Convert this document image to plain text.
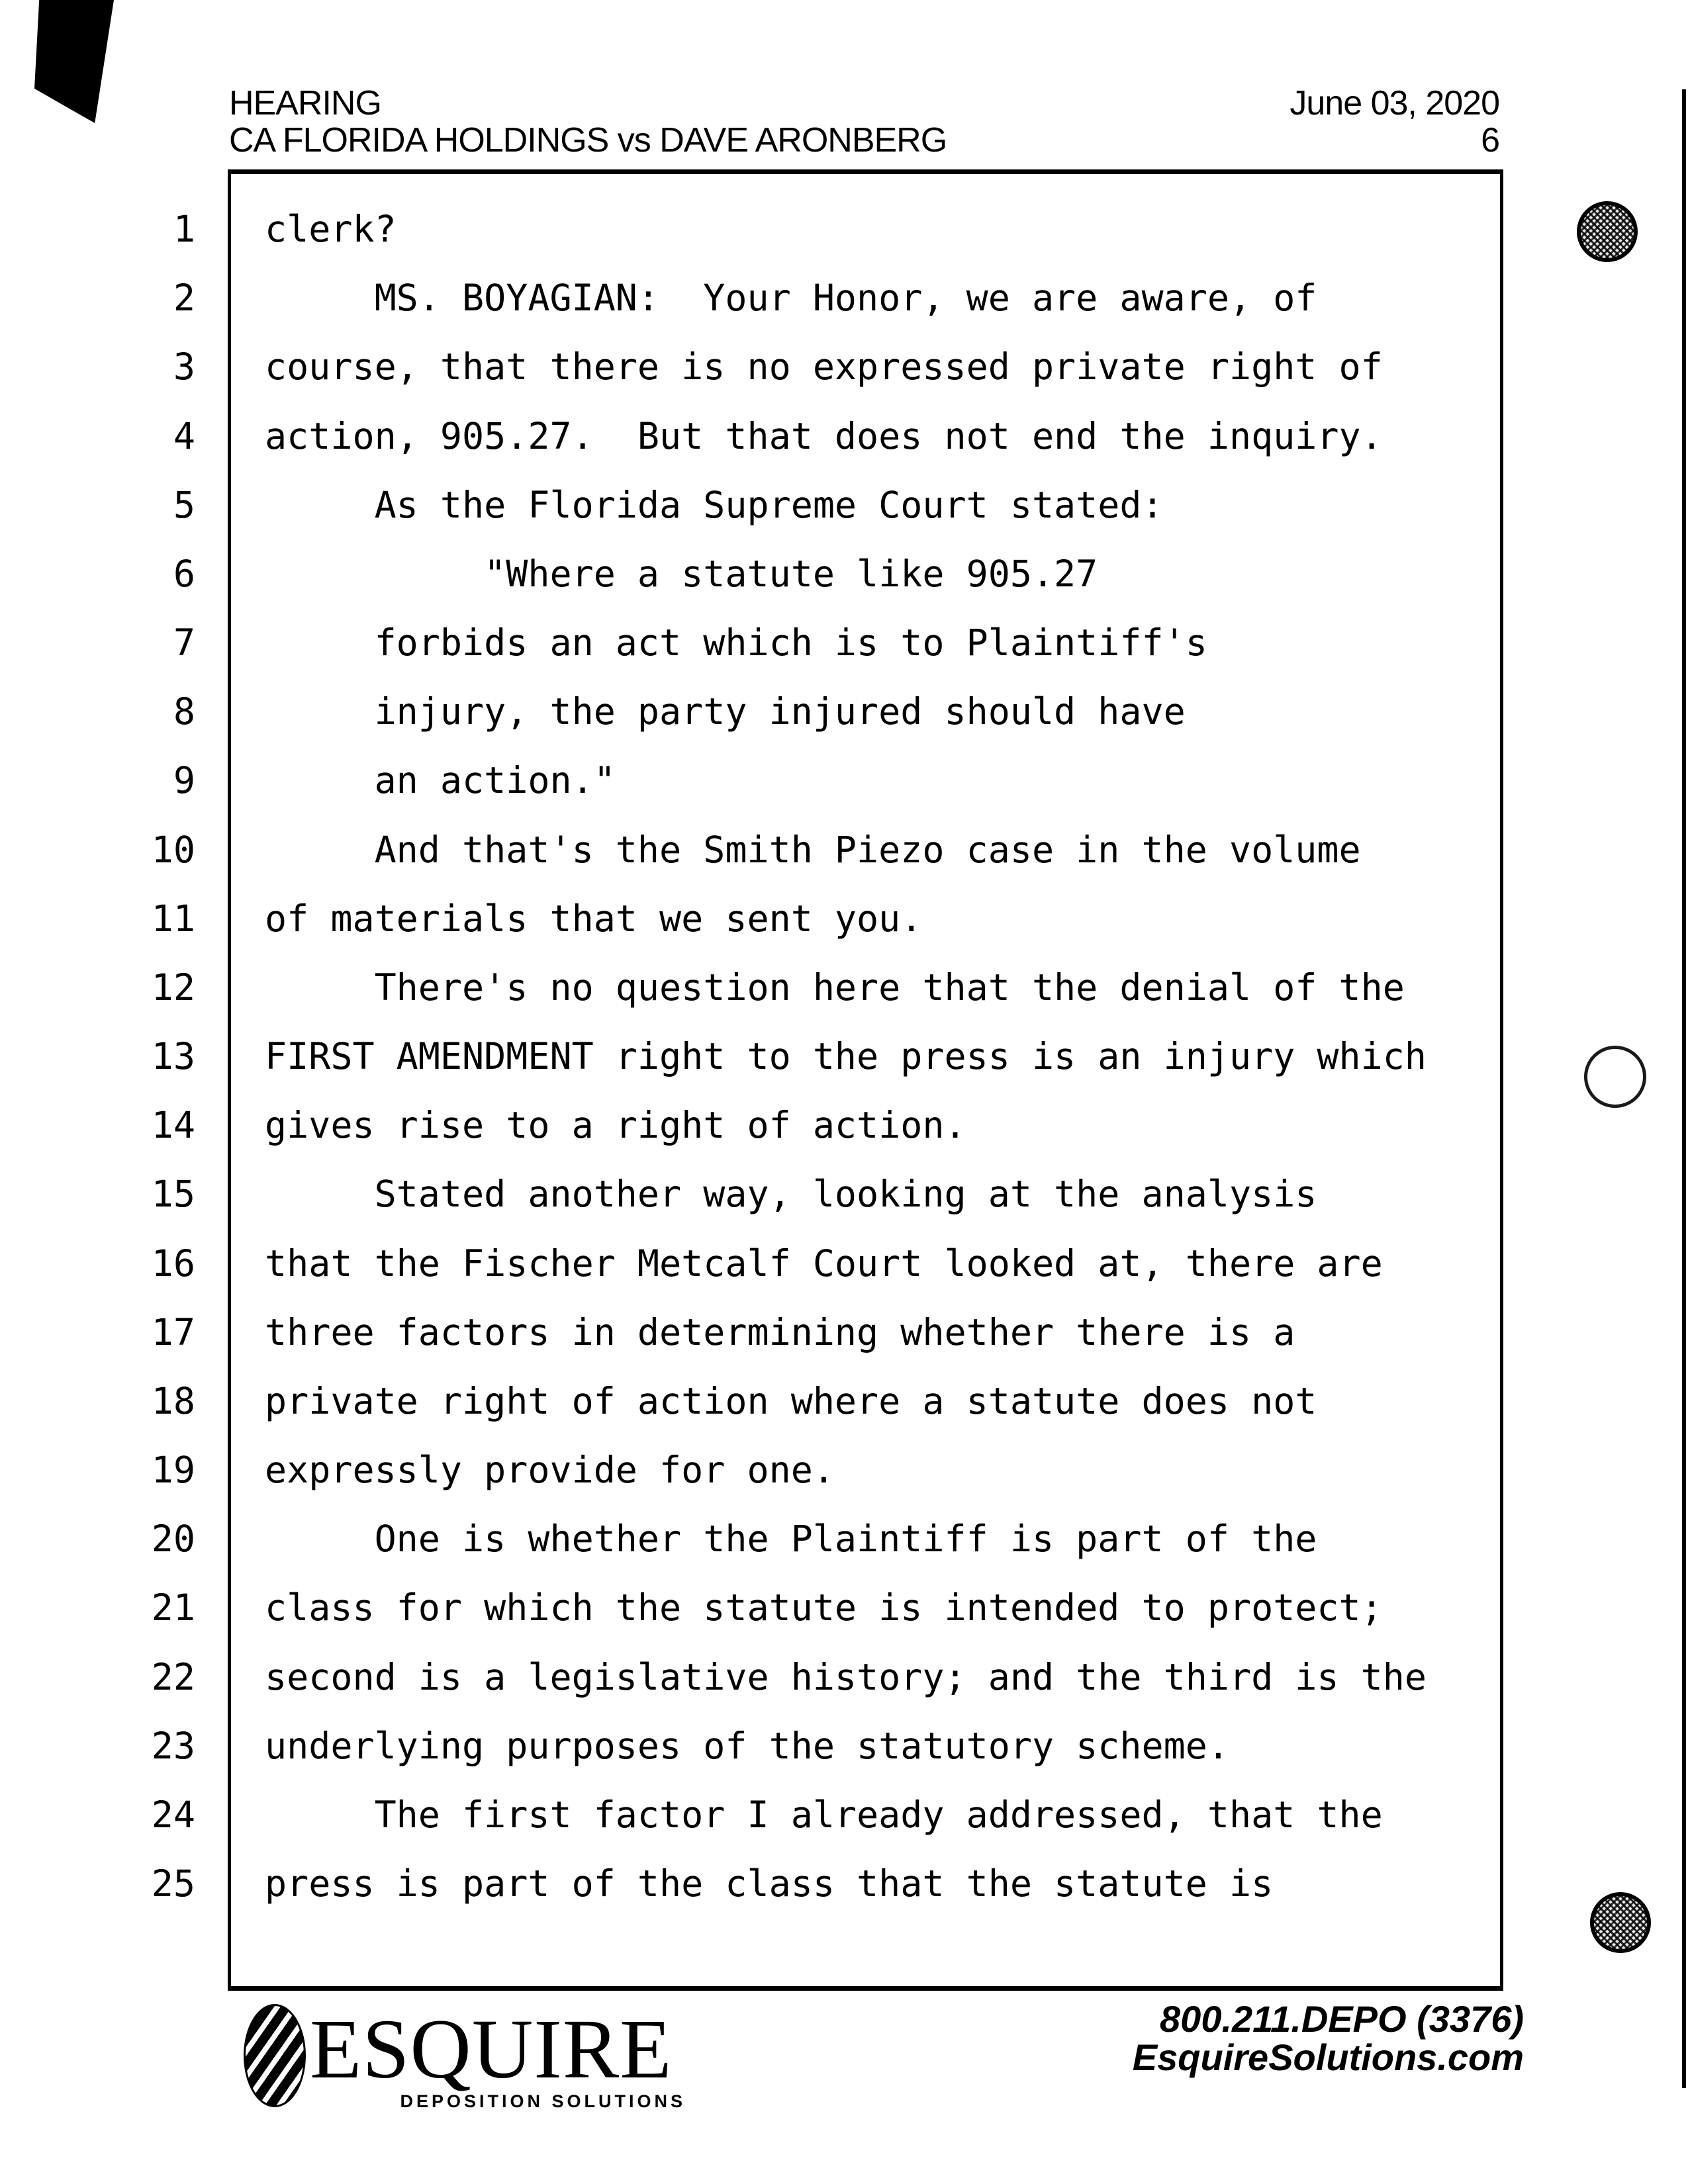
HEARING
CA FLORIDA HOLDINGS vs DAVE ARONBERG
June 03, 2020
6
1 clerk?
2 MS. BOYAGIAN:  Your Honor, we are aware, of
3 course, that there is no expressed private right of
4 action, 905.27.  But that does not end the inquiry.
5 As the Florida Supreme Court stated:
6 "Where a statute like 905.27
7 forbids an act which is to Plaintiff's
8 injury, the party injured should have
9 an action."
10 And that's the Smith Piezo case in the volume
11 of materials that we sent you.
12 There's no question here that the denial of the
13 FIRST AMENDMENT right to the press is an injury which
14 gives rise to a right of action.
15 Stated another way, looking at the analysis
16 that the Fischer Metcalf Court looked at, there are
17 three factors in determining whether there is a
18 private right of action where a statute does not
19 expressly provide for one.
20 One is whether the Plaintiff is part of the
21 class for which the statute is intended to protect;
22 second is a legislative history; and the third is the
23 underlying purposes of the statutory scheme.
24 The first factor I already addressed, that the
25 press is part of the class that the statute is
ESQUIRE
DEPOSITION SOLUTIONS
800.211.DEPO (3376)
EsquireSolutions.com
